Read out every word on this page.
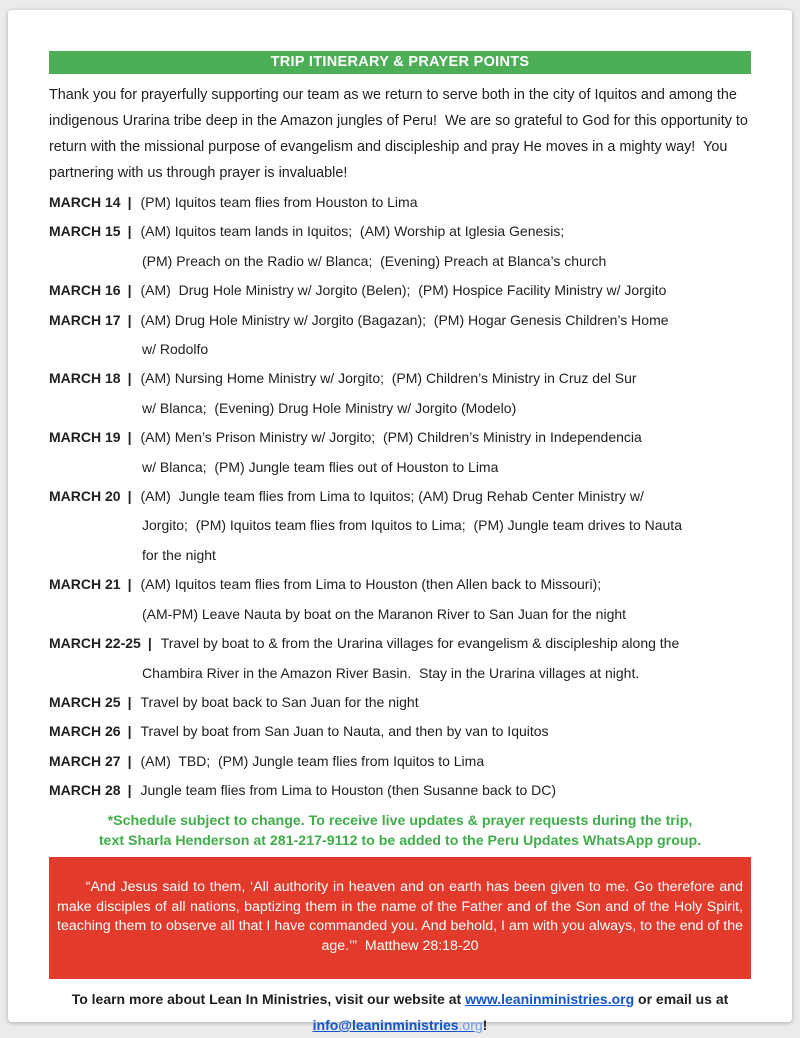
TRIP ITINERARY & PRAYER POINTS

Thank you for prayerfully supporting our team as we return to serve both in the city of Iquitos and among the indigenous Urarina tribe deep in the Amazon jungles of Peru!  We are so grateful to God for this opportunity to return with the missional purpose of evangelism and discipleship and pray He moves in a mighty way!  You partnering with us through prayer is invaluable!

MARCH 14 | (PM) Iquitos team flies from Houston to Lima
MARCH 15 | (AM) Iquitos team lands in Iquitos;  (AM) Worship at Iglesia Genesis;
(PM) Preach on the Radio w/ Blanca;  (Evening) Preach at Blanca’s church
MARCH 16 | (AM)  Drug Hole Ministry w/ Jorgito (Belen);  (PM) Hospice Facility Ministry w/ Jorgito
MARCH 17 | (AM) Drug Hole Ministry w/ Jorgito (Bagazan);  (PM) Hogar Genesis Children’s Home
w/ Rodolfo
MARCH 18 | (AM) Nursing Home Ministry w/ Jorgito;  (PM) Children’s Ministry in Cruz del Sur
w/ Blanca;  (Evening) Drug Hole Ministry w/ Jorgito (Modelo)
MARCH 19 | (AM) Men’s Prison Ministry w/ Jorgito;  (PM) Children’s Ministry in Independencia
w/ Blanca;  (PM) Jungle team flies out of Houston to Lima
MARCH 20 | (AM)  Jungle team flies from Lima to Iquitos; (AM) Drug Rehab Center Ministry w/
Jorgito;  (PM) Iquitos team flies from Iquitos to Lima;  (PM) Jungle team drives to Nauta
for the night
MARCH 21 | (AM) Iquitos team flies from Lima to Houston (then Allen back to Missouri);
(AM-PM) Leave Nauta by boat on the Maranon River to San Juan for the night
MARCH 22-25 | Travel by boat to & from the Urarina villages for evangelism & discipleship along the
Chambira River in the Amazon River Basin.  Stay in the Urarina villages at night.
MARCH 25 | Travel by boat back to San Juan for the night
MARCH 26 | Travel by boat from San Juan to Nauta, and then by van to Iquitos
MARCH 27 | (AM)  TBD;  (PM) Jungle team flies from Iquitos to Lima
MARCH 28 | Jungle team flies from Lima to Houston (then Susanne back to DC)
*Schedule subject to change. To receive live updates & prayer requests during the trip,
text Sharla Henderson at 281-217-9112 to be added to the Peru Updates WhatsApp group.

“And Jesus said to them, ‘All authority in heaven and on earth has been given to me. Go therefore and make disciples of all nations, baptizing them in the name of the Father and of the Son and of the Holy Spirit, teaching them to observe all that I have commanded you. And behold, I am with you always, to the end of the age.’”  Matthew 28:18-20

To learn more about Lean In Ministries, visit our website at www.leaninministries.org or email us at
info@leaninministries.org!
